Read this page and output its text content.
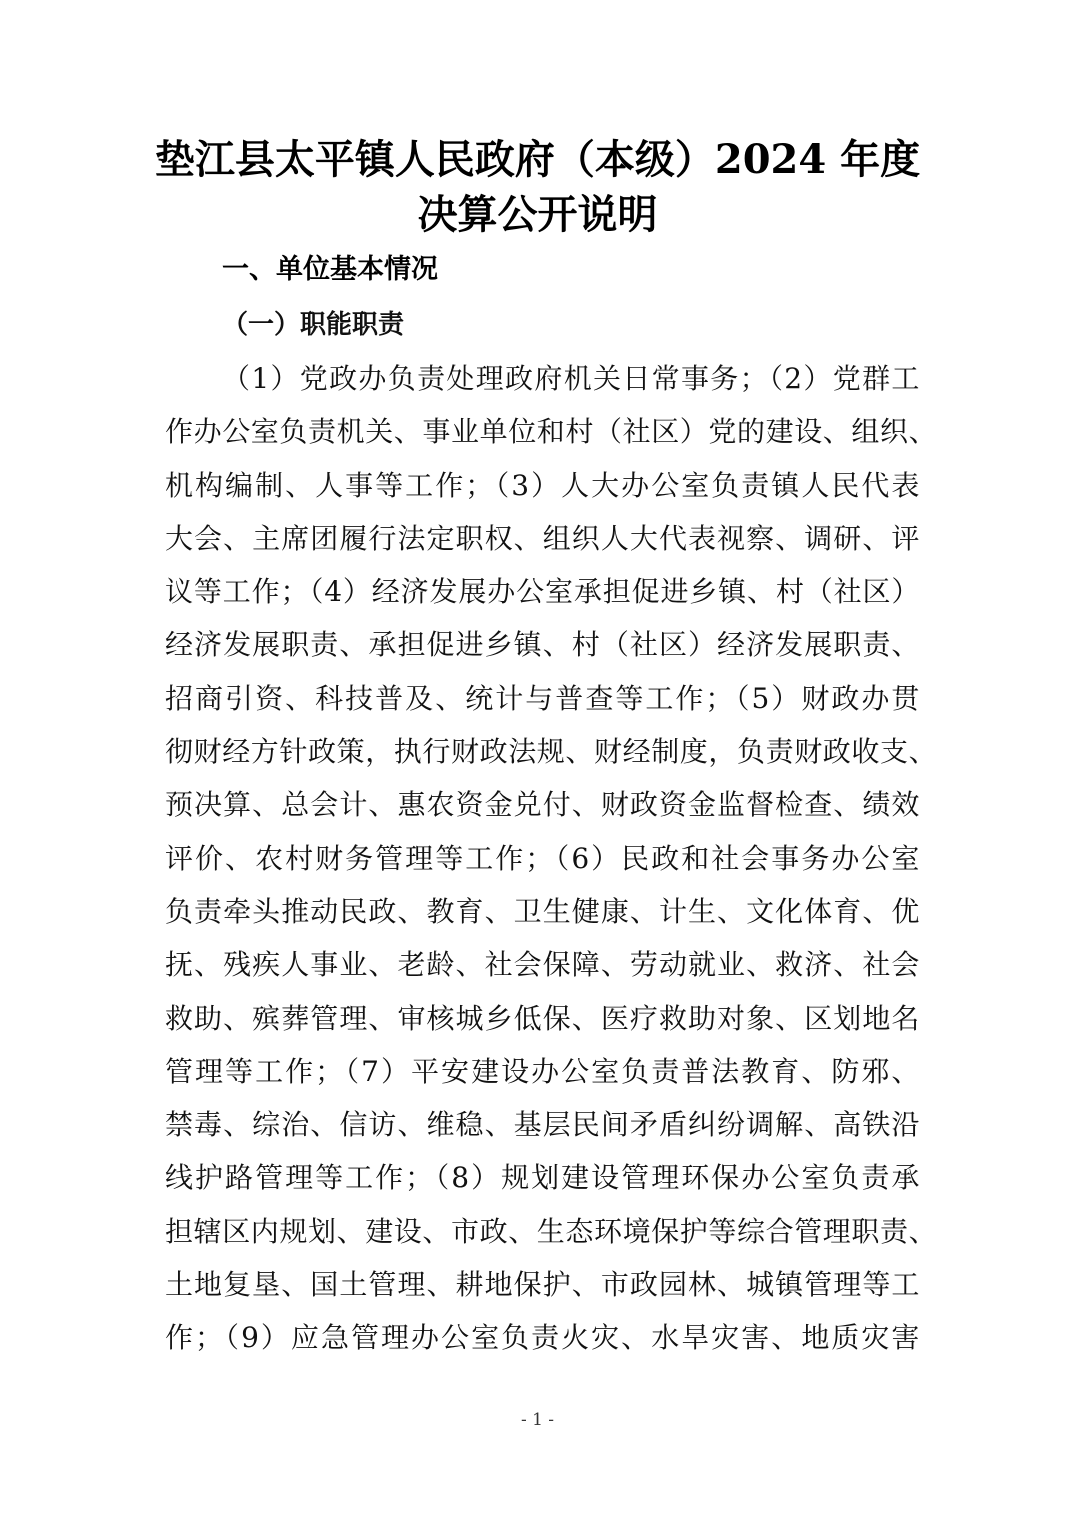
垫江县太平镇人民政府（本级）2024 年度
决算公开说明
一、单位基本情况
（一）职能职责
（1）党政办负责处理政府机关日常事务；（2）党群工
作办公室负责机关、事业单位和村（社区）党的建设、组织、
机构编制、人事等工作；（3）人大办公室负责镇人民代表
大会、主席团履行法定职权、组织人大代表视察、调研、评
议等工作；（4）经济发展办公室承担促进乡镇、村（社区）
经济发展职责、承担促进乡镇、村（社区）经济发展职责、
招商引资、科技普及、统计与普查等工作；（5）财政办贯
彻财经方针政策，执行财政法规、财经制度，负责财政收支、
预决算、总会计、惠农资金兑付、财政资金监督检查、绩效
评价、农村财务管理等工作；（6）民政和社会事务办公室
负责牵头推动民政、教育、卫生健康、计生、文化体育、优
抚、残疾人事业、老龄、社会保障、劳动就业、救济、社会
救助、殡葬管理、审核城乡低保、医疗救助对象、区划地名
管理等工作；（7）平安建设办公室负责普法教育、防邪、
禁毒、综治、信访、维稳、基层民间矛盾纠纷调解、高铁沿
线护路管理等工作；（8）规划建设管理环保办公室负责承
担辖区内规划、建设、市政、生态环境保护等综合管理职责、
土地复垦、国土管理、耕地保护、市政园林、城镇管理等工
作；（9）应急管理办公室负责火灾、水旱灾害、地质灾害

- 1 -
